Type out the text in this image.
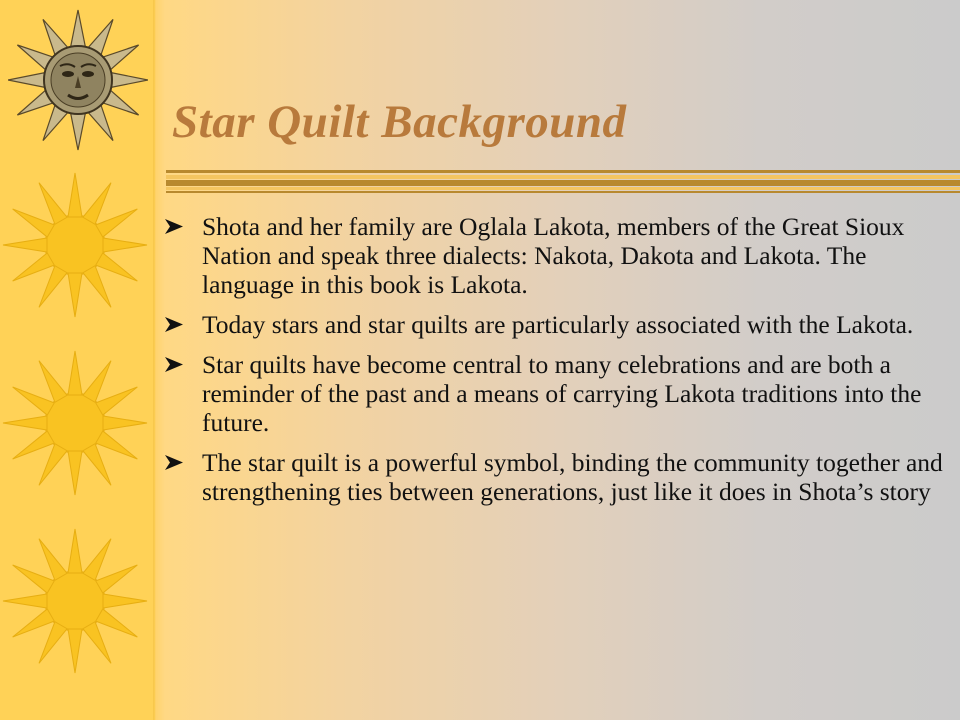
Star Quilt Background
Shota and her family are Oglala Lakota, members of the Great Sioux Nation and speak three dialects: Nakota, Dakota and Lakota. The language in this book is Lakota.
Today stars and star quilts are particularly associated with the Lakota.
Star quilts have become central to many celebrations and are both a reminder of the past and a means of carrying Lakota traditions into the future.
The star quilt is a powerful symbol, binding the community together and strengthening ties between generations, just like it does in Shota’s story
